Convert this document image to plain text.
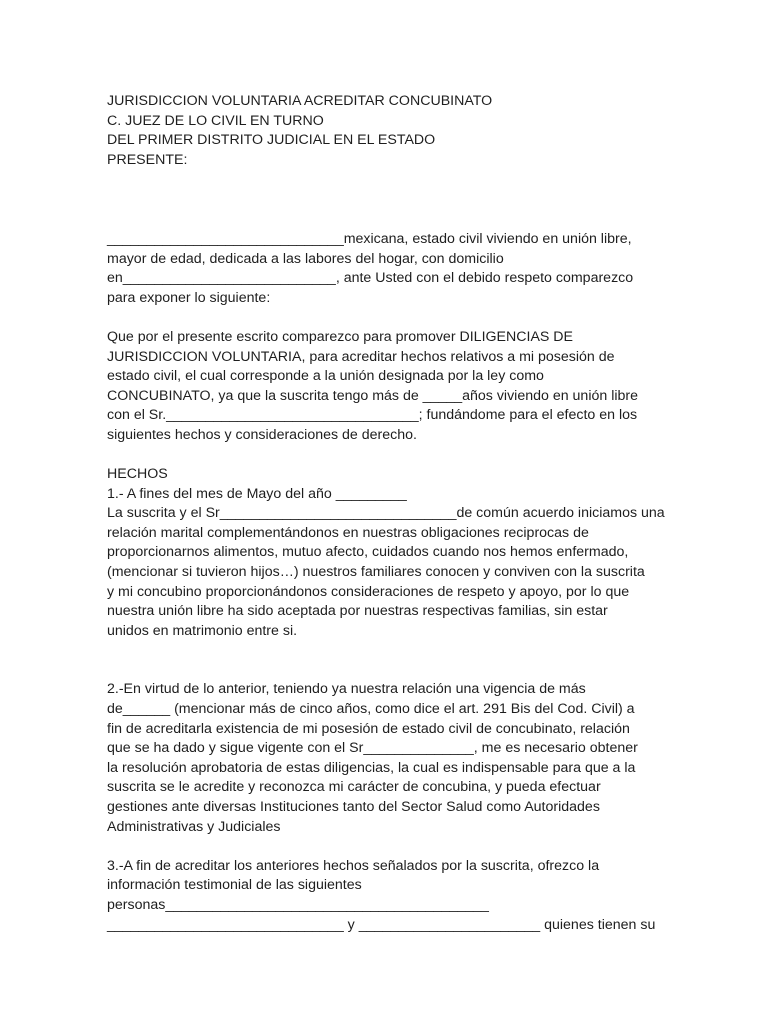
JURISDICCION VOLUNTARIA ACREDITAR CONCUBINATO
C. JUEZ DE LO CIVIL EN TURNO
DEL PRIMER DISTRITO JUDICIAL EN EL ESTADO
PRESENTE:
______________________________mexicana, estado civil viviendo en unión libre,
mayor de edad, dedicada a las labores del hogar, con domicilio
en___________________________, ante Usted con el debido respeto comparezco
para exponer lo siguiente:
Que por el presente escrito comparezco para promover DILIGENCIAS DE
JURISDICCION VOLUNTARIA, para acreditar hechos relativos a mi posesión de
estado civil, el cual corresponde a la unión designada por la ley como
CONCUBINATO, ya que la suscrita tengo más de _____años viviendo en unión libre
con el Sr.________________________________; fundándome para el efecto en los
siguientes hechos y consideraciones de derecho.
HECHOS
1.- A fines del mes de Mayo del año _________
La suscrita y el Sr______________________________de común acuerdo iniciamos una
relación marital complementándonos en nuestras obligaciones reciprocas de
proporcionarnos alimentos, mutuo afecto, cuidados cuando nos hemos enfermado,
(mencionar si tuvieron hijos…) nuestros familiares conocen y conviven con la suscrita
y mi concubino proporcionándonos consideraciones de respeto y apoyo, por lo que
nuestra unión libre ha sido aceptada por nuestras respectivas familias, sin estar
unidos en matrimonio entre si.
2.-En virtud de lo anterior, teniendo ya nuestra relación una vigencia de más
de______ (mencionar más de cinco años, como dice el art. 291 Bis del Cod. Civil) a
fin de acreditarla existencia de mi posesión de estado civil de concubinato, relación
que se ha dado y sigue vigente con el Sr______________, me es necesario obtener
la resolución aprobatoria de estas diligencias, la cual es indispensable para que a la
suscrita se le acredite y reconozca mi carácter de concubina, y pueda efectuar
gestiones ante diversas Instituciones tanto del Sector Salud como Autoridades
Administrativas y Judiciales
3.-A fin de acreditar los anteriores hechos señalados por la suscrita, ofrezco la
información testimonial de las siguientes
personas_________________________________________
______________________________ y _______________________ quienes tienen su
